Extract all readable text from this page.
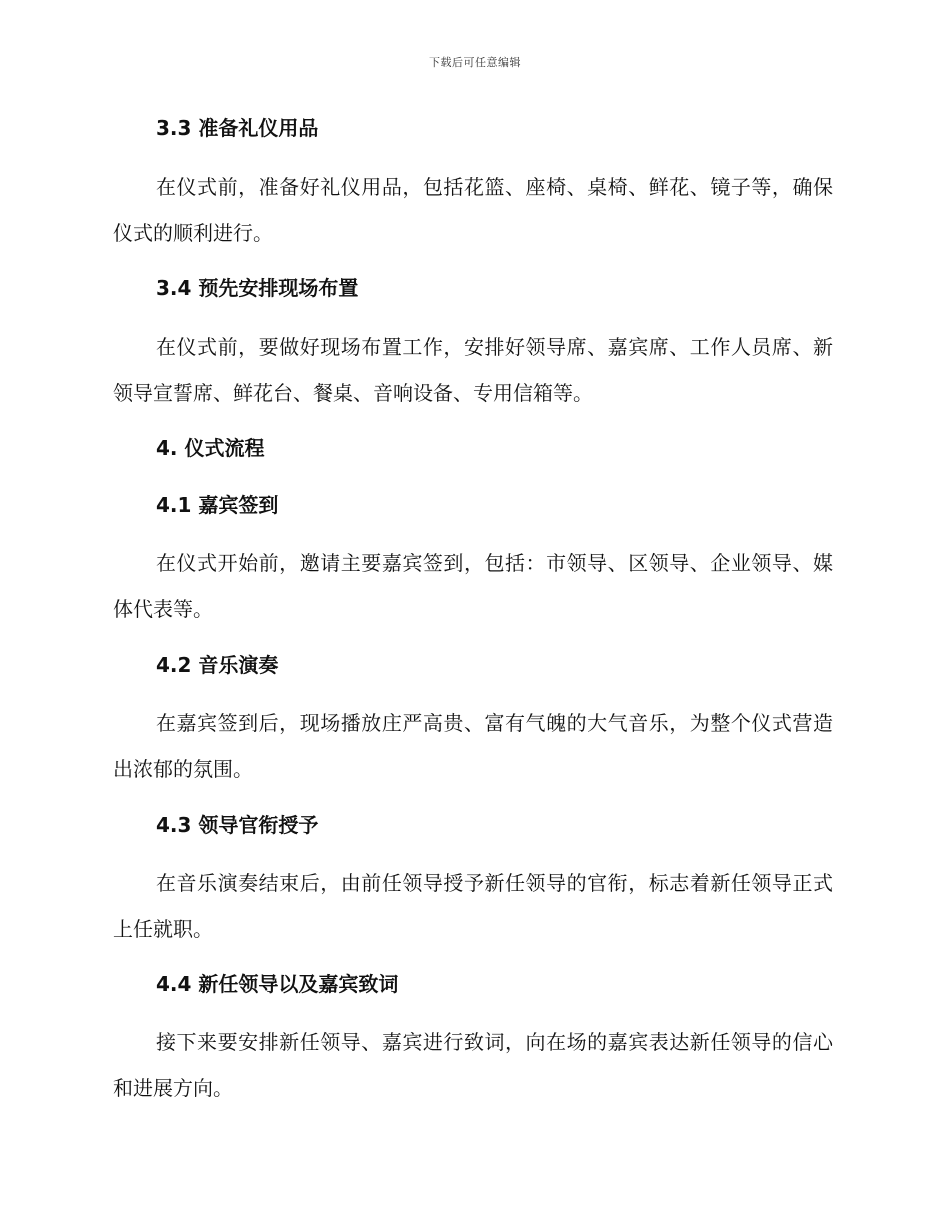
下载后可任意编辑
3.3 准备礼仪用品
在仪式前，准备好礼仪用品，包括花篮、座椅、桌椅、鲜花、镜子等，确保仪式的顺利进行。
3.4 预先安排现场布置
在仪式前，要做好现场布置工作，安排好领导席、嘉宾席、工作人员席、新领导宣誓席、鲜花台、餐桌、音响设备、专用信箱等。
4. 仪式流程
4.1 嘉宾签到
在仪式开始前，邀请主要嘉宾签到，包括：市领导、区领导、企业领导、媒体代表等。
4.2 音乐演奏
在嘉宾签到后，现场播放庄严高贵、富有气魄的大气音乐，为整个仪式营造出浓郁的氛围。
4.3 领导官衔授予
在音乐演奏结束后，由前任领导授予新任领导的官衔，标志着新任领导正式上任就职。
4.4 新任领导以及嘉宾致词
接下来要安排新任领导、嘉宾进行致词，向在场的嘉宾表达新任领导的信心和进展方向。
